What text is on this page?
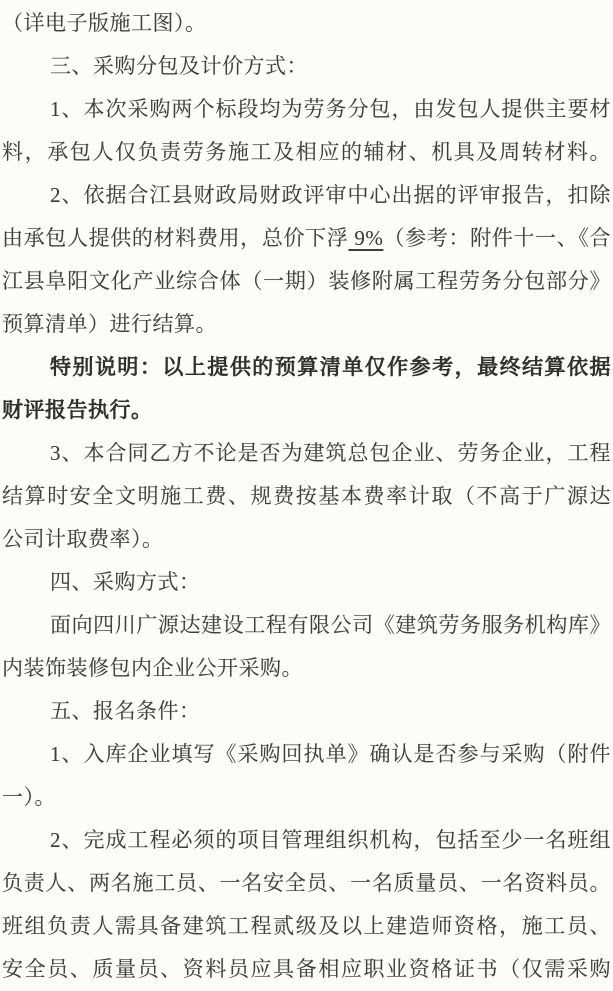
（详电子版施工图）。
三、采购分包及计价方式：
1、本次采购两个标段均为劳务分包，由发包人提供主要材
料，承包人仅负责劳务施工及相应的辅材、机具及周转材料。
2、依据合江县财政局财政评审中心出据的评审报告，扣除
由承包人提供的材料费用，总价下浮 9%（参考：附件十一、《合
江县阜阳文化产业综合体（一期）装修附属工程劳务分包部分》
预算清单）进行结算。
特别说明：以上提供的预算清单仅作参考，最终结算依据
财评报告执行。
3、本合同乙方不论是否为建筑总包企业、劳务企业，工程
结算时安全文明施工费、规费按基本费率计取（不高于广源达
公司计取费率）。
四、采购方式：
面向四川广源达建设工程有限公司《建筑劳务服务机构库》
内装饰装修包内企业公开采购。
五、报名条件：
1、入库企业填写《采购回执单》确认是否参与采购（附件
一）。
2、完成工程必须的项目管理组织机构，包括至少一名班组
负责人、两名施工员、一名安全员、一名质量员、一名资料员。
班组负责人需具备建筑工程贰级及以上建造师资格，施工员、
安全员、质量员、资料员应具备相应职业资格证书（仅需采购
